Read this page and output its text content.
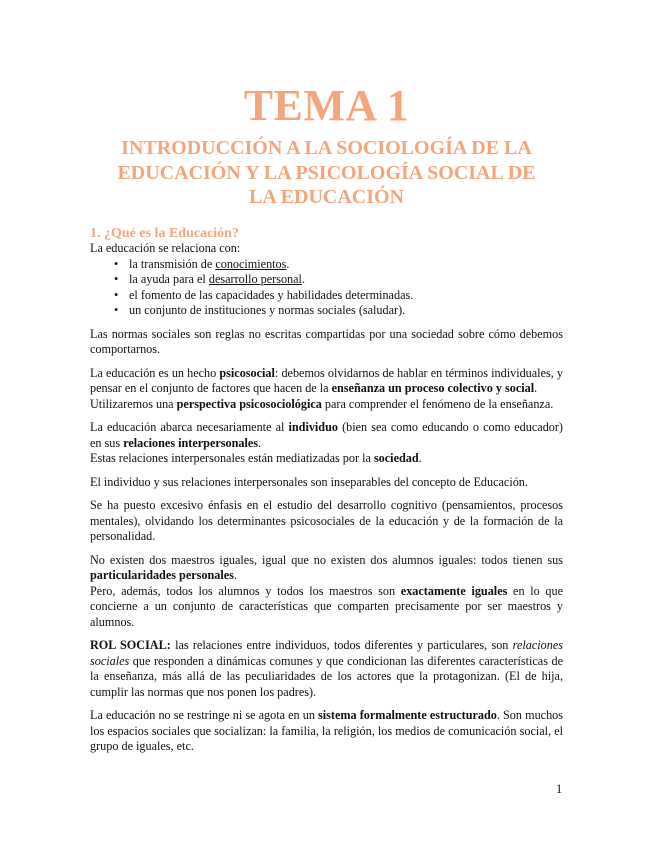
TEMA 1
INTRODUCCIÓN A LA SOCIOLOGÍA DE LA
EDUCACIÓN Y LA PSICOLOGÍA SOCIAL DE
LA EDUCACIÓN
1. ¿Qué es la Educación?

La educación se relaciona con:

• la transmisión de conocimientos.
• la ayuda para el desarrollo personal.
• el fomento de las capacidades y habilidades determinadas.
• un conjunto de instituciones y normas sociales (saludar).

Las normas sociales son reglas no escritas compartidas por una sociedad sobre cómo debemos comportarnos.

La educación es un hecho psicosocial: debemos olvidarnos de hablar en términos individuales, y pensar en el conjunto de factores que hacen de la enseñanza un proceso colectivo y social.

Utilizaremos una perspectiva psicosociológica para comprender el fenómeno de la enseñanza.

La educación abarca necesariamente al individuo (bien sea como educando o como educador) en sus relaciones interpersonales.

Estas relaciones interpersonales están mediatizadas por la sociedad.

El individuo y sus relaciones interpersonales son inseparables del concepto de Educación.

Se ha puesto excesivo énfasis en el estudio del desarrollo cognitivo (pensamientos, procesos mentales), olvidando los determinantes psicosociales de la educación y de la formación de la personalidad.

No existen dos maestros iguales, igual que no existen dos alumnos iguales: todos tienen sus particularidades personales.

Pero, además, todos los alumnos y todos los maestros son exactamente iguales en lo que concierne a un conjunto de características que comparten precisamente por ser maestros y alumnos.

ROL SOCIAL: las relaciones entre individuos, todos diferentes y particulares, son relaciones sociales que responden a dinámicas comunes y que condicionan las diferentes características de la enseñanza, más allá de las peculiaridades de los actores que la protagonizan. (El de hija, cumplir las normas que nos ponen los padres).

La educación no se restringe ni se agota en un sistema formalmente estructurado. Son muchos los espacios sociales que socializan: la familia, la religión, los medios de comunicación social, el grupo de iguales, etc.

1
